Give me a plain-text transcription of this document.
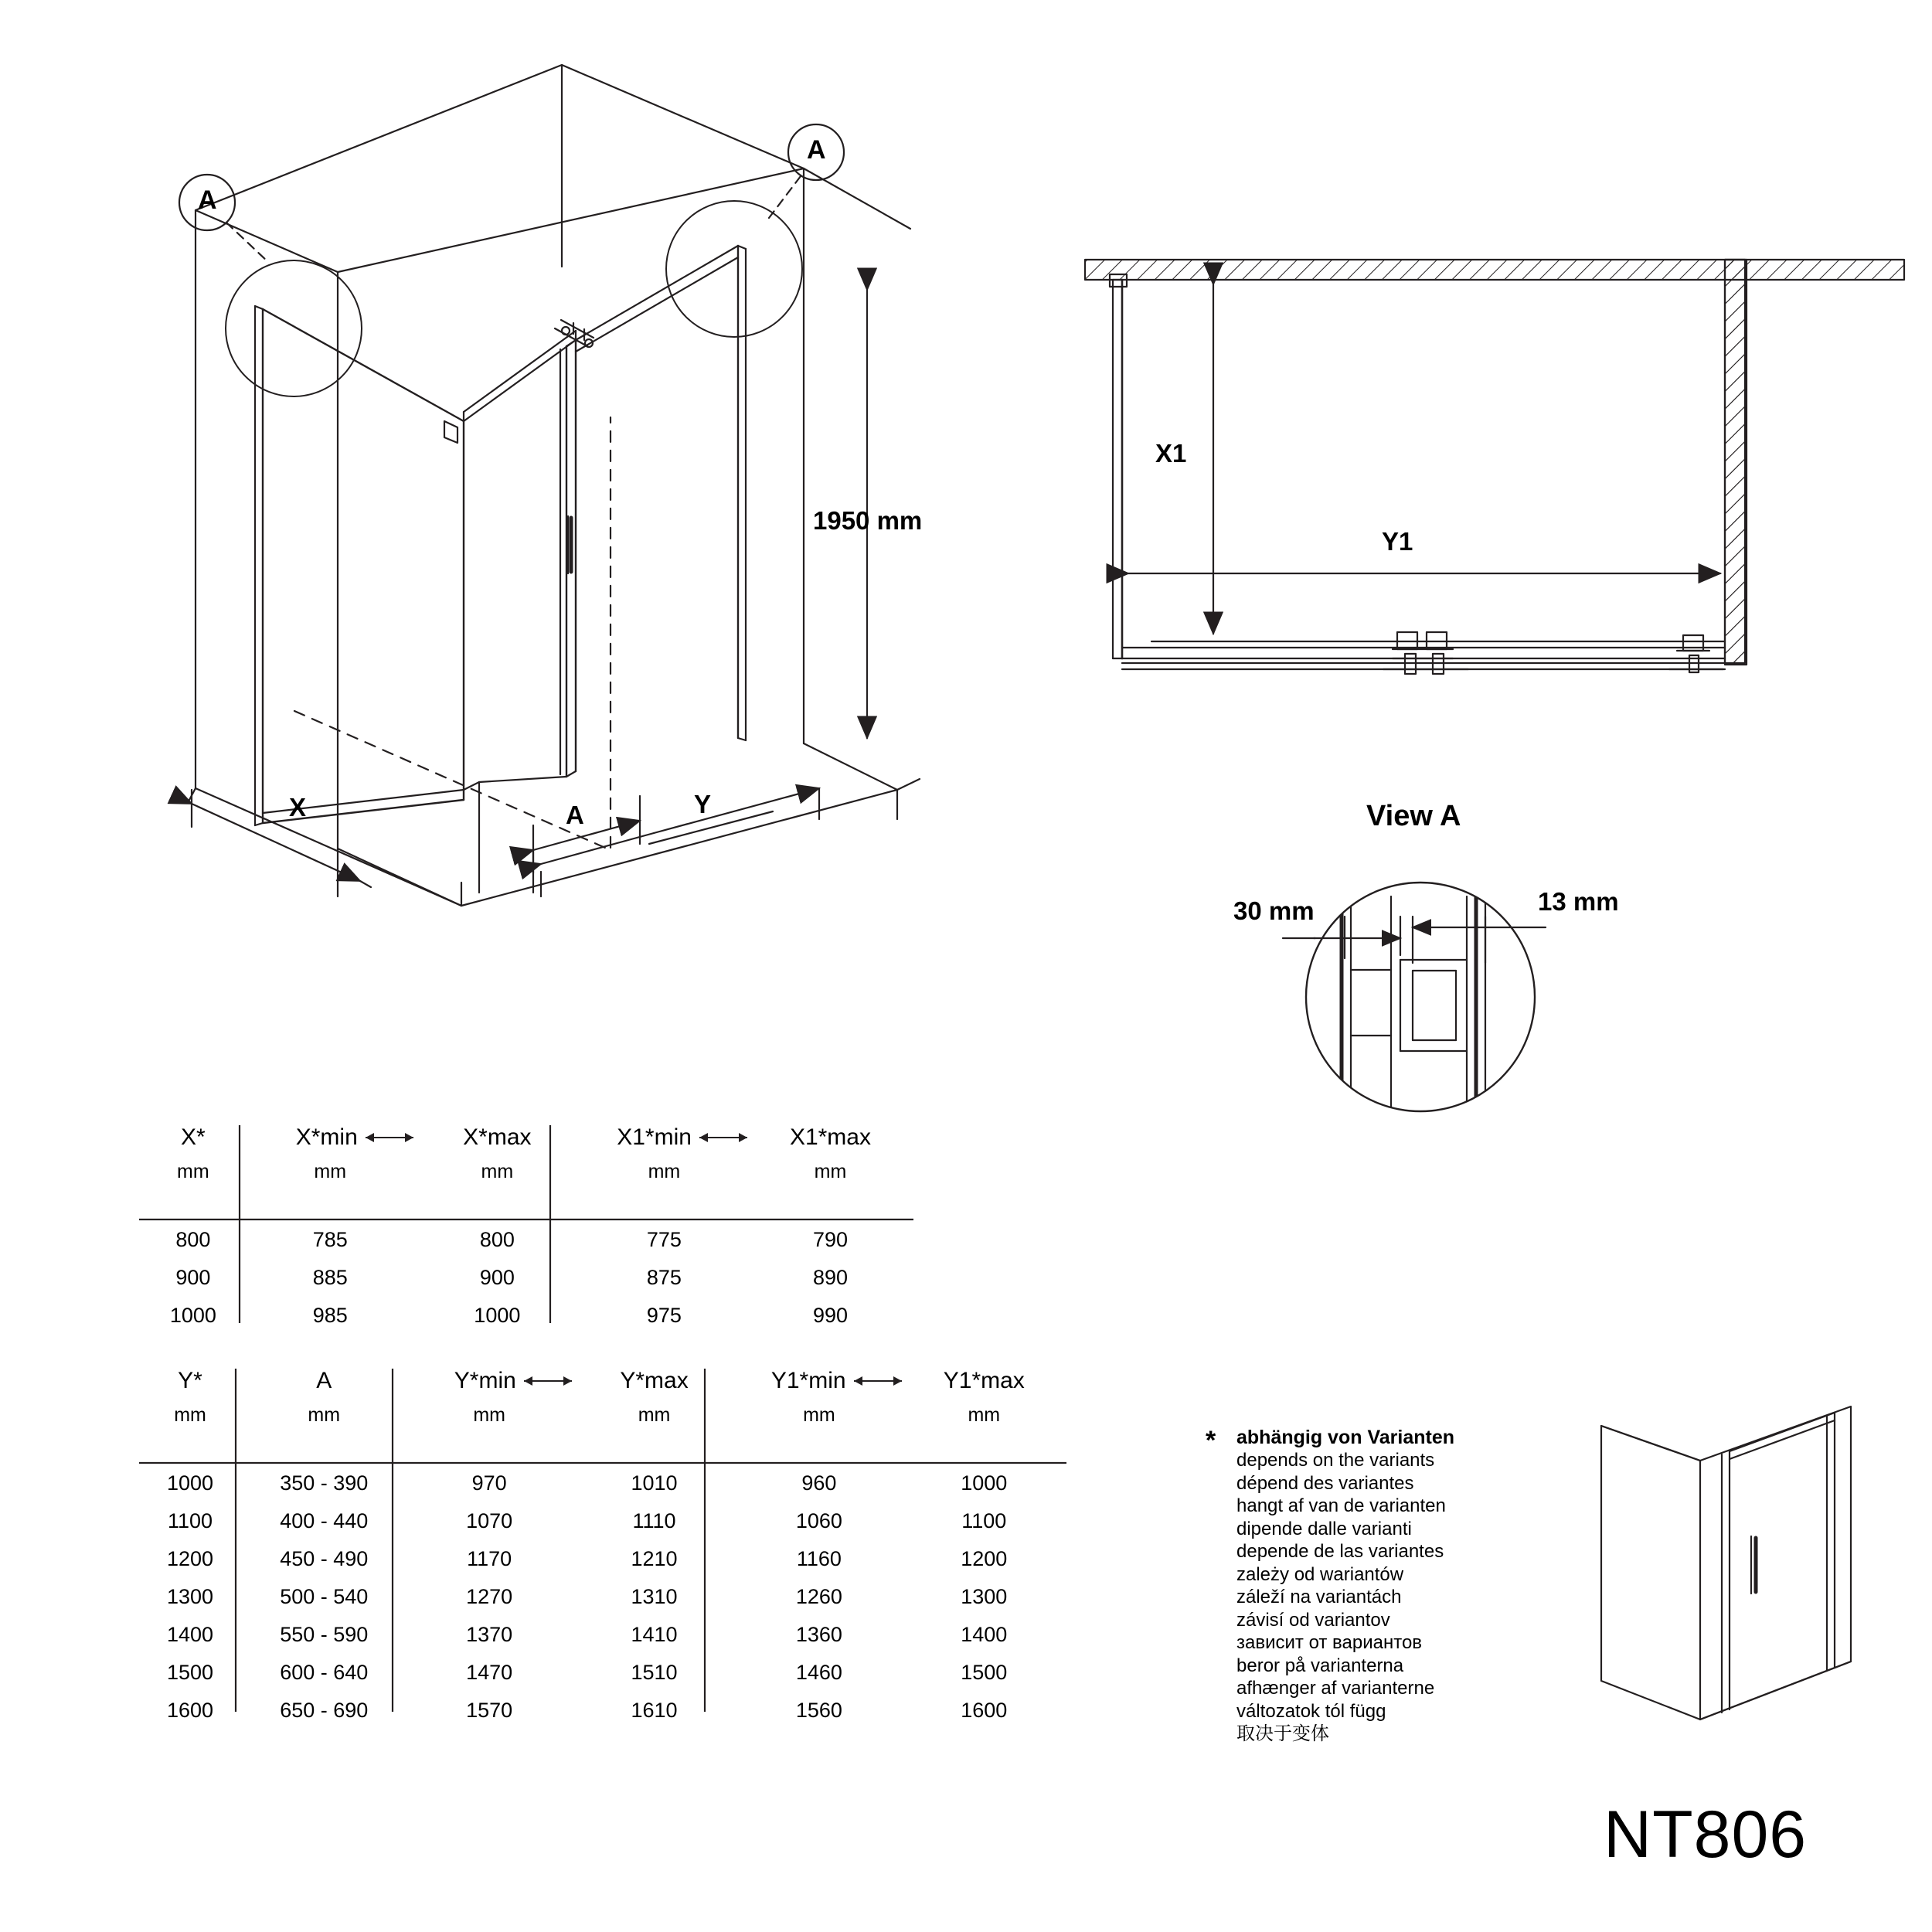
A
A
1950 mm
X	A	Y
X1
Y1
View A
30 mm	13 mm
X*	X*min	X*max	X1*min	X1*max
mm	mm	mm	mm	mm

800	785	800	775	790
900	885	900	875	890
1000	985	1000	975	990
Y*	A	Y*min	Y*max	Y1*min	Y1*max
mm	mm	mm	mm	mm	mm

1000	350 - 390	970	1010	960	1000
1100	400 - 440	1070	1110	1060	1100
1200	450 - 490	1170	1210	1160	1200
1300	500 - 540	1270	1310	1260	1300
1400	550 - 590	1370	1410	1360	1400
1500	600 - 640	1470	1510	1460	1500
1600	650 - 690	1570	1610	1560	1600
* abhängig von Varianten
depends on the variants
dépend des variantes
hangt af van de varianten
dipende dalle varianti
depende de las variantes
zależy od wariantów
záleží na variantách
závisí od variantov
зависит от вариантов
beror på varianterna
afhænger af varianterne
változatok tól függ
取决于变体
NT806
